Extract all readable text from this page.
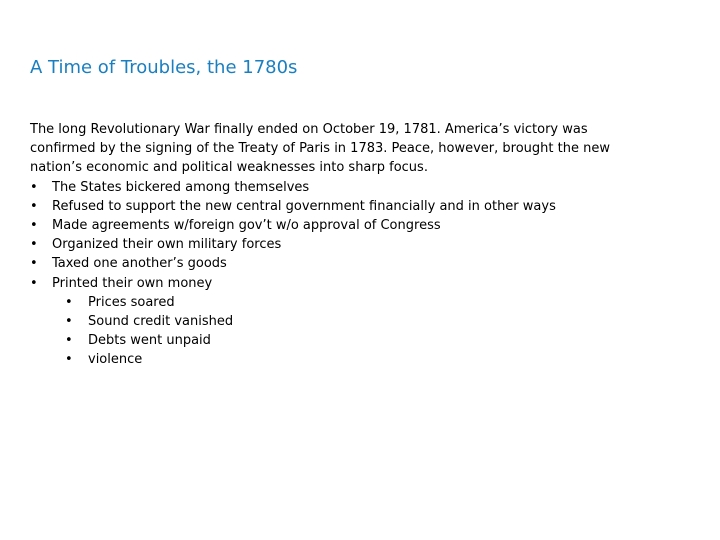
A Time of Troubles, the 1780s

The long Revolutionary War finally ended on October 19, 1781. America’s victory was confirmed by the signing of the Treaty of Paris in 1783. Peace, however, brought the new nation’s economic and political weaknesses into sharp focus.

• The States bickered among themselves
• Refused to support the new central government financially and in other ways
• Made agreements w/foreign gov’t w/o approval of Congress
• Organized their own military forces
• Taxed one another’s goods
• Printed their own money
• Prices soared
• Sound credit vanished
• Debts went unpaid
• violence
